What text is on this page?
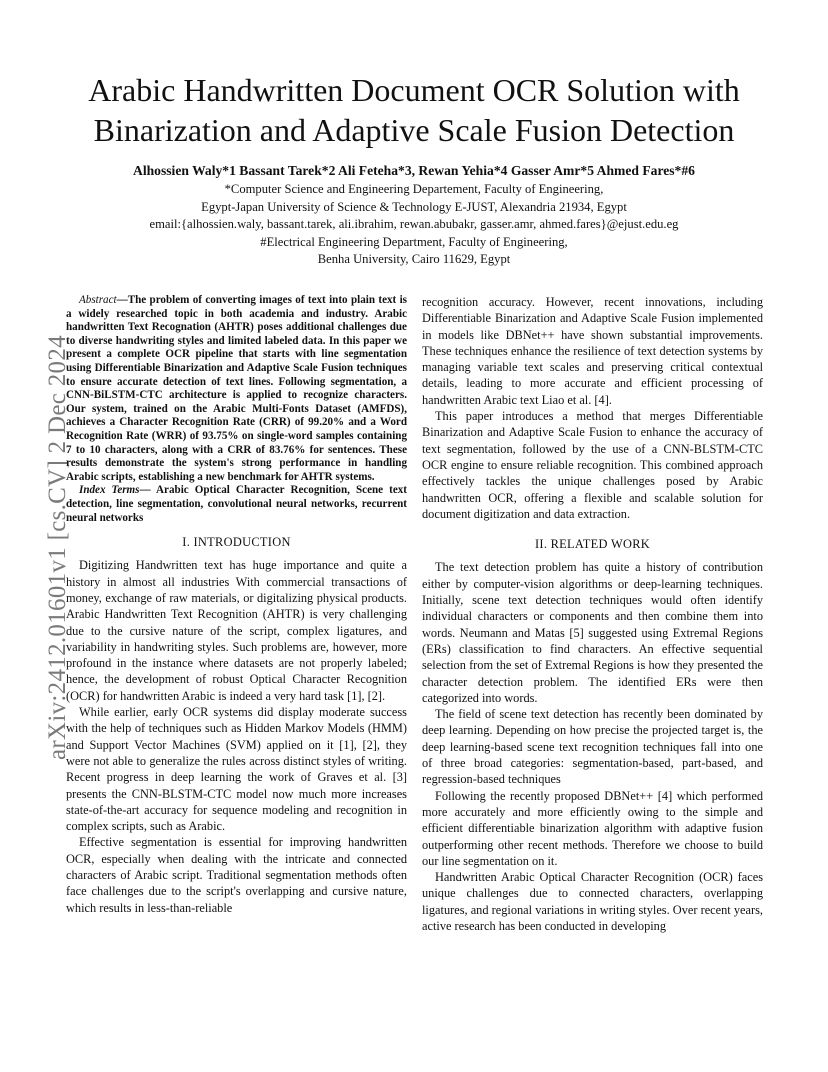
arXiv:2412.01601v1 [cs.CV] 2 Dec 2024
Arabic Handwritten Document OCR Solution with Binarization and Adaptive Scale Fusion Detection
Alhossien Waly*1 Bassant Tarek*2 Ali Feteha*3, Rewan Yehia*4 Gasser Amr*5 Ahmed Fares*#6
*Computer Science and Engineering Departement, Faculty of Engineering,
Egypt-Japan University of Science & Technology E-JUST, Alexandria 21934, Egypt
email:{alhossien.waly, bassant.tarek, ali.ibrahim, rewan.abubakr, gasser.amr, ahmed.fares}@ejust.edu.eg
#Electrical Engineering Department, Faculty of Engineering,
Benha University, Cairo 11629, Egypt

Abstract—The problem of converting images of text into plain text is a widely researched topic in both academia and industry. Arabic handwritten Text Recognation (AHTR) poses additional challenges due to diverse handwriting styles and limited labeled data. In this paper we present a complete OCR pipeline that starts with line segmentation using Differentiable Binarization and Adaptive Scale Fusion techniques to ensure accurate detection of text lines. Following segmentation, a CNN-BiLSTM-CTC architecture is applied to recognize characters. Our system, trained on the Arabic Multi-Fonts Dataset (AMFDS), achieves a Character Recognition Rate (CRR) of 99.20% and a Word Recognition Rate (WRR) of 93.75% on single-word samples containing 7 to 10 characters, along with a CRR of 83.76% for sentences. These results demonstrate the system's strong performance in handling Arabic scripts, establishing a new benchmark for AHTR systems.

Index Terms— Arabic Optical Character Recognition, Scene text detection, line segmentation, convolutional neural networks, recurrent neural networks

I. INTRODUCTION

Digitizing Handwritten text has huge importance and quite a history in almost all industries With commercial transactions of money, exchange of raw materials, or digitalizing physical products. Arabic Handwritten Text Recognition (AHTR) is very challenging due to the cursive nature of the script, complex ligatures, and variability in handwriting styles. Such problems are, however, more profound in the instance where datasets are not properly labeled; hence, the development of robust Optical Character Recognition (OCR) for handwritten Arabic is indeed a very hard task [1], [2].

While earlier, early OCR systems did display moderate success with the help of techniques such as Hidden Markov Models (HMM) and Support Vector Machines (SVM) applied on it [1], [2], they were not able to generalize the rules across distinct styles of writing. Recent progress in deep learning the work of Graves et al. [3] presents the CNN-BLSTM-CTC model now much more increases state-of-the-art accuracy for sequence modeling and recognition in complex scripts, such as Arabic.

Effective segmentation is essential for improving handwritten OCR, especially when dealing with the intricate and connected characters of Arabic script. Traditional segmentation methods often face challenges due to the script's overlapping and cursive nature, which results in less-than-reliable

recognition accuracy. However, recent innovations, including Differentiable Binarization and Adaptive Scale Fusion implemented in models like DBNet++ have shown substantial improvements. These techniques enhance the resilience of text detection systems by managing variable text scales and preserving critical contextual details, leading to more accurate and efficient processing of handwritten Arabic text Liao et al. [4].

This paper introduces a method that merges Differentiable Binarization and Adaptive Scale Fusion to enhance the accuracy of text segmentation, followed by the use of a CNN-BLSTM-CTC OCR engine to ensure reliable recognition. This combined approach effectively tackles the unique challenges posed by Arabic handwritten OCR, offering a flexible and scalable solution for document digitization and data extraction.

II. RELATED WORK

The text detection problem has quite a history of contribution either by computer-vision algorithms or deep-learning techniques. Initially, scene text detection techniques would often identify individual characters or components and then combine them into words. Neumann and Matas [5] suggested using Extremal Regions (ERs) classification to find characters. An effective sequential selection from the set of Extremal Regions is how they presented the character detection problem. The identified ERs were then categorized into words.

The field of scene text detection has recently been dominated by deep learning. Depending on how precise the projected target is, the deep learning-based scene text recognition techniques fall into one of three broad categories: segmentation-based, part-based, and regression-based techniques

Following the recently proposed DBNet++ [4] which performed more accurately and more efficiently owing to the simple and efficient differentiable binarization algorithm with adaptive fusion outperforming other recent methods. Therefore we choose to build our line segmentation on it.

Handwritten Arabic Optical Character Recognition (OCR) faces unique challenges due to connected characters, overlapping ligatures, and regional variations in writing styles. Over recent years, active research has been conducted in developing
